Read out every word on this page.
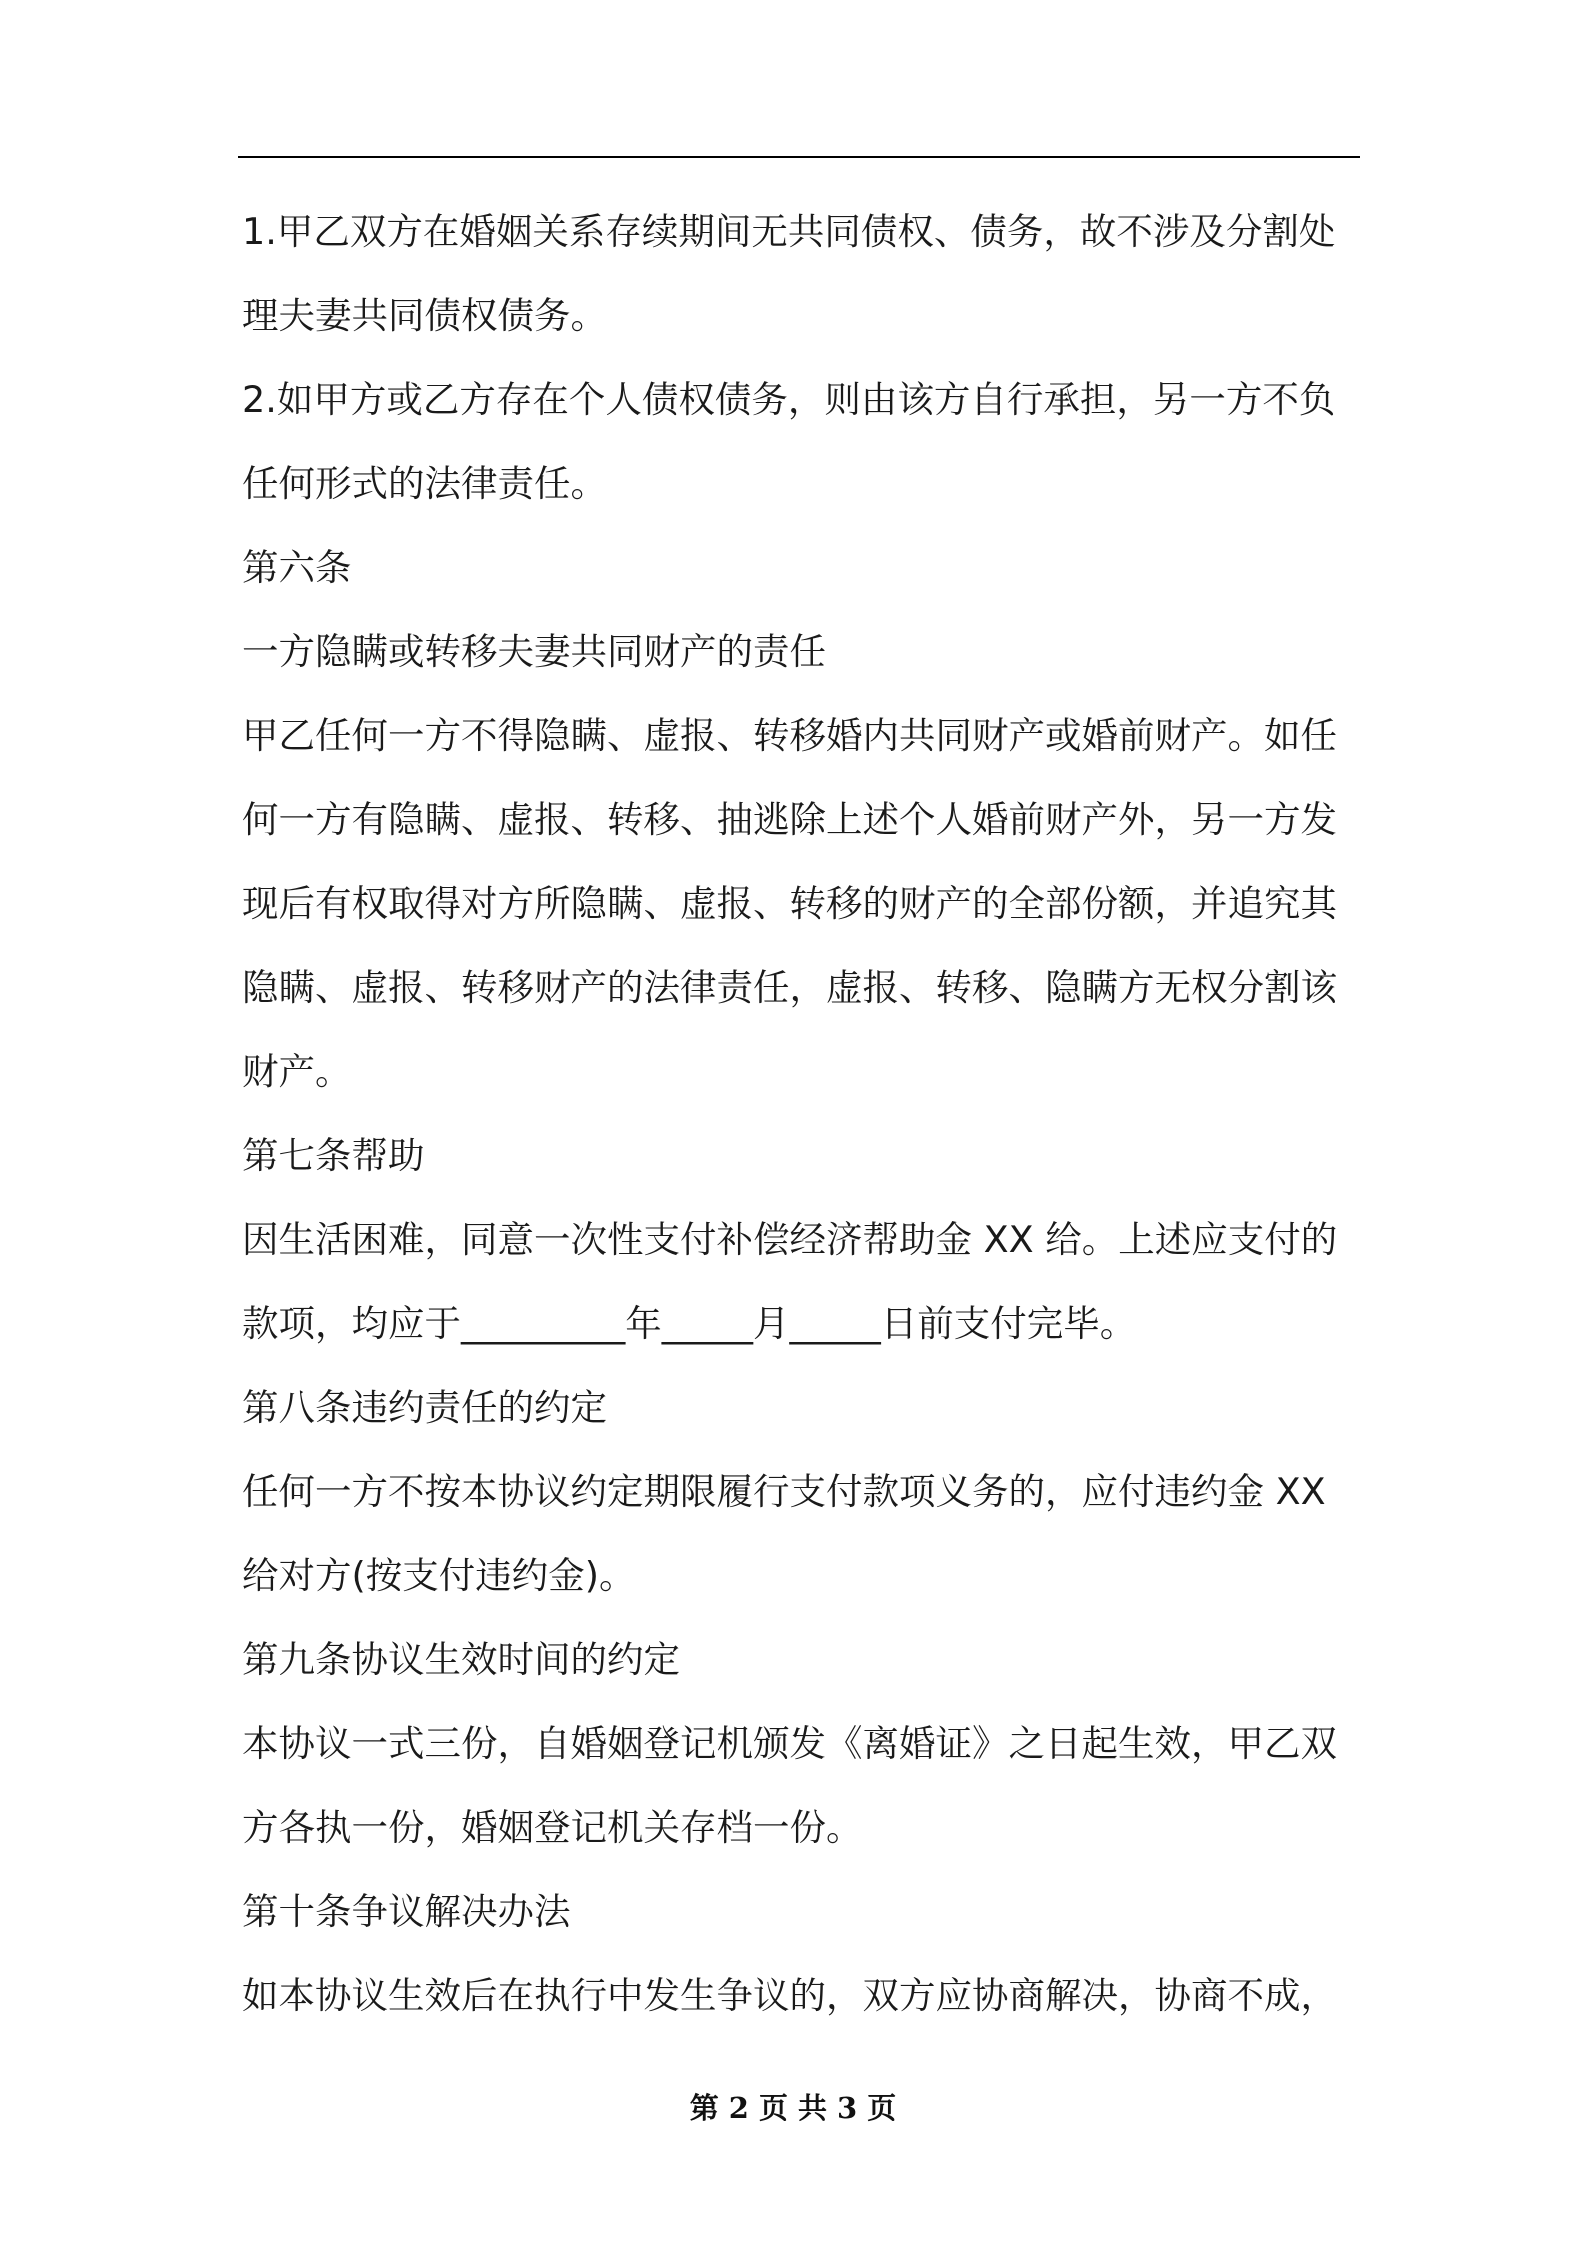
1.甲乙双方在婚姻关系存续期间无共同债权、债务，故不涉及分割处
理夫妻共同债权债务。
2.如甲方或乙方存在个人债权债务，则由该方自行承担，另一方不负
任何形式的法律责任。
第六条
一方隐瞒或转移夫妻共同财产的责任
甲乙任何一方不得隐瞒、虚报、转移婚内共同财产或婚前财产。如任
何一方有隐瞒、虚报、转移、抽逃除上述个人婚前财产外，另一方发
现后有权取得对方所隐瞒、虚报、转移的财产的全部份额，并追究其
隐瞒、虚报、转移财产的法律责任，虚报、转移、隐瞒方无权分割该
财产。
第七条帮助
因生活困难，同意一次性支付补偿经济帮助金 XX 给。上述应支付的
款项，均应于_________年_____月_____日前支付完毕。
第八条违约责任的约定
任何一方不按本协议约定期限履行支付款项义务的，应付违约金 XX
给对方(按支付违约金)。
第九条协议生效时间的约定
本协议一式三份，自婚姻登记机颁发《离婚证》之日起生效，甲乙双
方各执一份，婚姻登记机关存档一份。
第十条争议解决办法
如本协议生效后在执行中发生争议的，双方应协商解决，协商不成，
第 2 页 共 3 页
